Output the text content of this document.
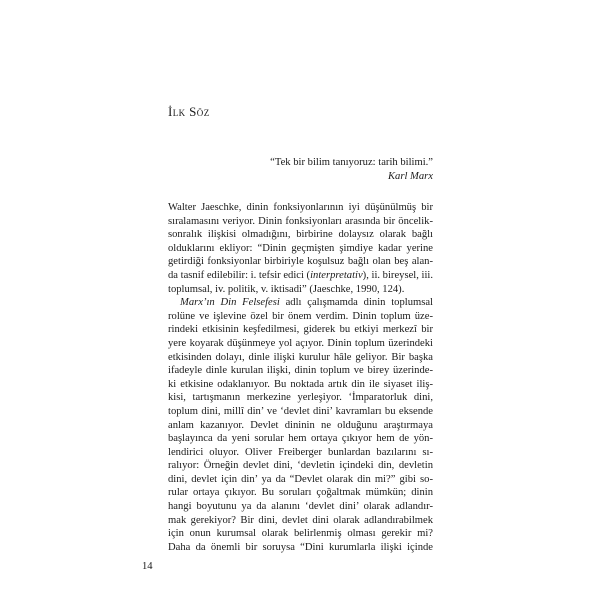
İlk Söz
“Tek bir bilim tanıyoruz: tarih bilimi.”
Karl Marx

Walter Jaeschke, dinin fonksiyonlarının iyi düşünülmüş bir
sıralamasını veriyor. Dinin fonksiyonları arasında bir öncelik-
sonralık ilişkisi olmadığını, birbirine dolaysız olarak bağlı
olduklarını ekliyor: “Dinin geçmişten şimdiye kadar yerine
getirdiği fonksiyonlar birbiriyle koşulsuz bağlı olan beş alan-
da tasnif edilebilir: i. tefsir edici (interpretativ), ii. bireysel, iii.
toplumsal, iv. politik, v. iktisadi” (Jaeschke, 1990, 124).

Marx’ın Din Felsefesi adlı çalışmamda dinin toplumsal
rolüne ve işlevine özel bir önem verdim. Dinin toplum üze-
rindeki etkisinin keşfedilmesi, giderek bu etkiyi merkezî bir
yere koyarak düşünmeye yol açıyor. Dinin toplum üzerindeki
etkisinden dolayı, dinle ilişki kurulur hâle geliyor. Bir başka
ifadeyle dinle kurulan ilişki, dinin toplum ve birey üzerinde-
ki etkisine odaklanıyor. Bu noktada artık din ile siyaset iliş-
kisi, tartışmanın merkezine yerleşiyor. ‘İmparatorluk dini,
toplum dini, millî din’ ve ‘devlet dini’ kavramları bu eksende
anlam kazanıyor. Devlet dininin ne olduğunu araştırmaya
başlayınca da yeni sorular hem ortaya çıkıyor hem de yön-
lendirici oluyor. Oliver Freiberger bunlardan bazılarını sı-
ralıyor: Örneğin devlet dini, ‘devletin içindeki din, devletin
dini, devlet için din’ ya da “Devlet olarak din mi?” gibi so-
rular ortaya çıkıyor. Bu soruları çoğaltmak mümkün; dinin
hangi boyutunu ya da alanını ‘devlet dini’ olarak adlandır-
mak gerekiyor? Bir dini, devlet dini olarak adlandırabilmek
için onun kurumsal olarak belirlenmiş olması gerekir mi?
Daha da önemli bir soruysa “Dini kurumlarla ilişki içinde

14
